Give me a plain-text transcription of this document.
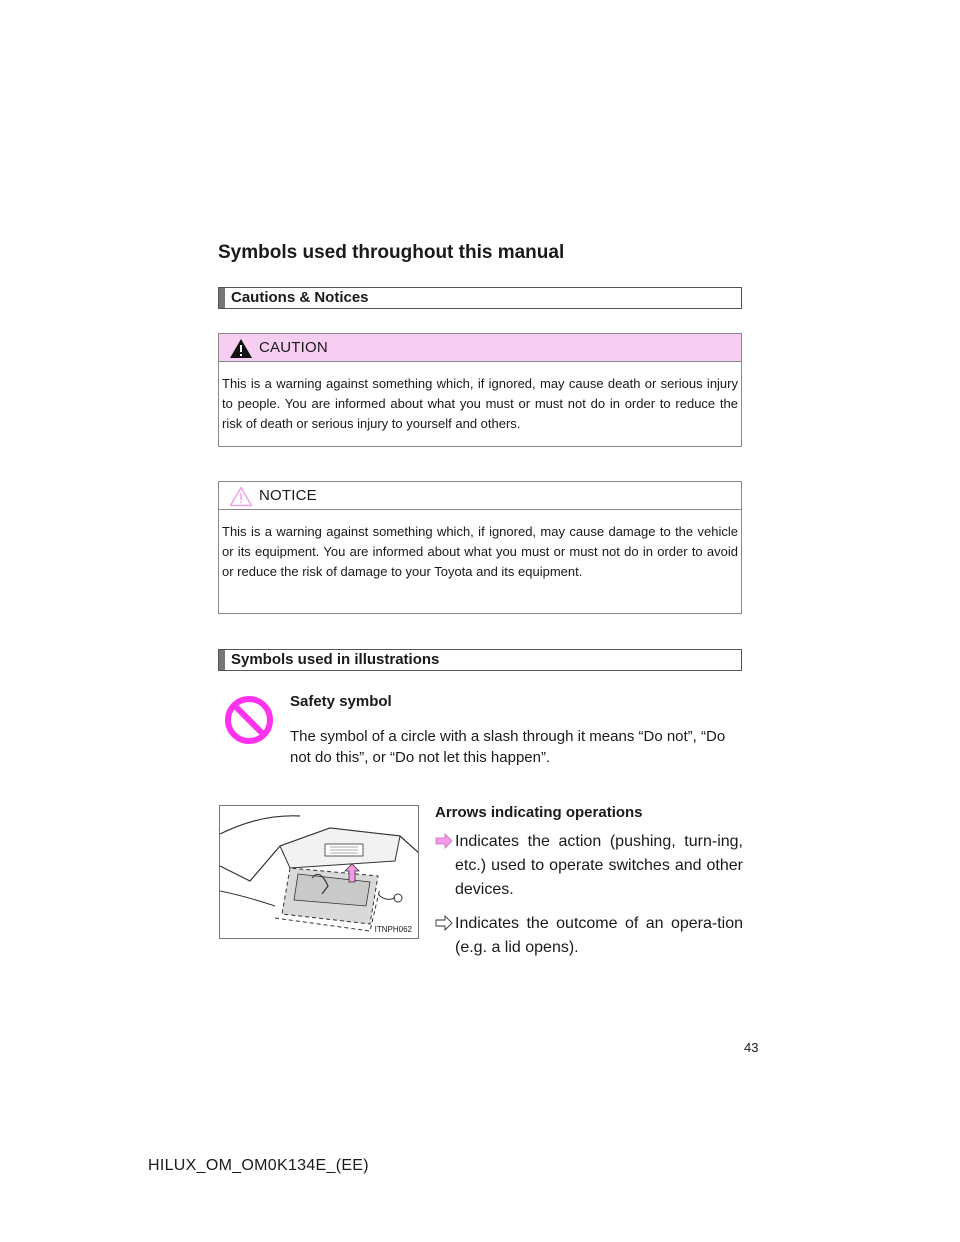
Symbols used throughout this manual
Cautions & Notices
CAUTION
This is a warning against something which, if ignored, may cause death or serious injury to people. You are informed about what you must or must not do in order to reduce the risk of death or serious injury to yourself and others.
NOTICE
This is a warning against something which, if ignored, may cause damage to the vehicle or its equipment. You are informed about what you must or must not do in order to avoid or reduce the risk of damage to your Toyota and its equipment.
Symbols used in illustrations
Safety symbol
The symbol of a circle with a slash through it means “Do not”, “Do not do this”, or “Do not let this happen”.
ITNPH062
Arrows indicating operations
Indicates the action (pushing, turn-ing, etc.) used to operate switches and other devices.
Indicates the outcome of an opera-tion (e.g. a lid opens).
43
HILUX_OM_OM0K134E_(EE)
